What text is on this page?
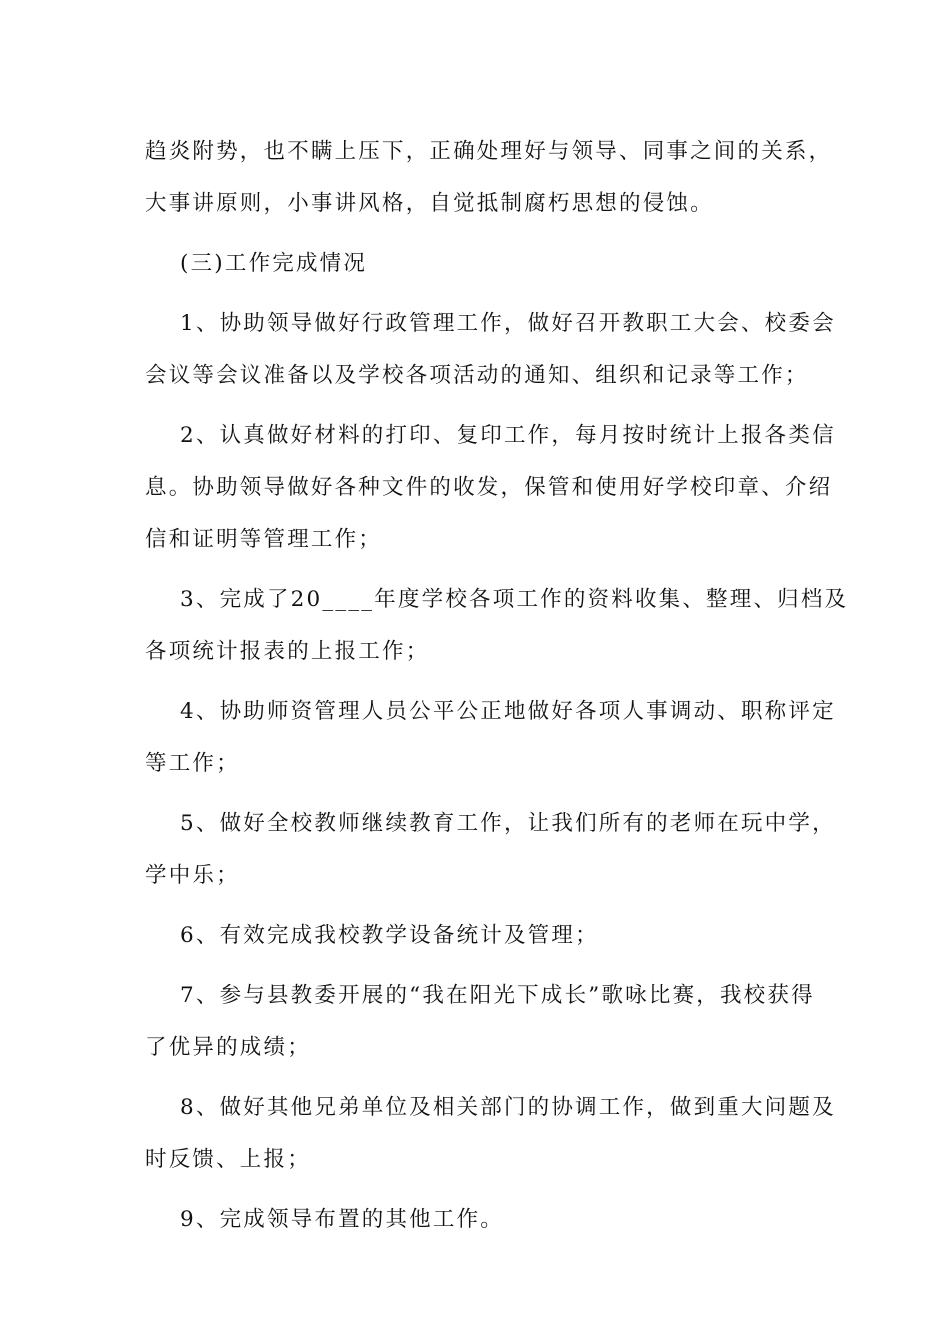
趋炎附势，也不瞒上压下，正确处理好与领导、同事之间的关系，
大事讲原则，小事讲风格，自觉抵制腐朽思想的侵蚀。
(三)工作完成情况
1、协助领导做好行政管理工作，做好召开教职工大会、校委会
会议等会议准备以及学校各项活动的通知、组织和记录等工作；
2、认真做好材料的打印、复印工作，每月按时统计上报各类信
息。协助领导做好各种文件的收发，保管和使用好学校印章、介绍
信和证明等管理工作；
3、完成了20____年度学校各项工作的资料收集、整理、归档及
各项统计报表的上报工作；
4、协助师资管理人员公平公正地做好各项人事调动、职称评定
等工作；
5、做好全校教师继续教育工作，让我们所有的老师在玩中学，
学中乐；
6、有效完成我校教学设备统计及管理；
7、参与县教委开展的“我在阳光下成长”歌咏比赛，我校获得
了优异的成绩；
8、做好其他兄弟单位及相关部门的协调工作，做到重大问题及
时反馈、上报；
9、完成领导布置的其他工作。
